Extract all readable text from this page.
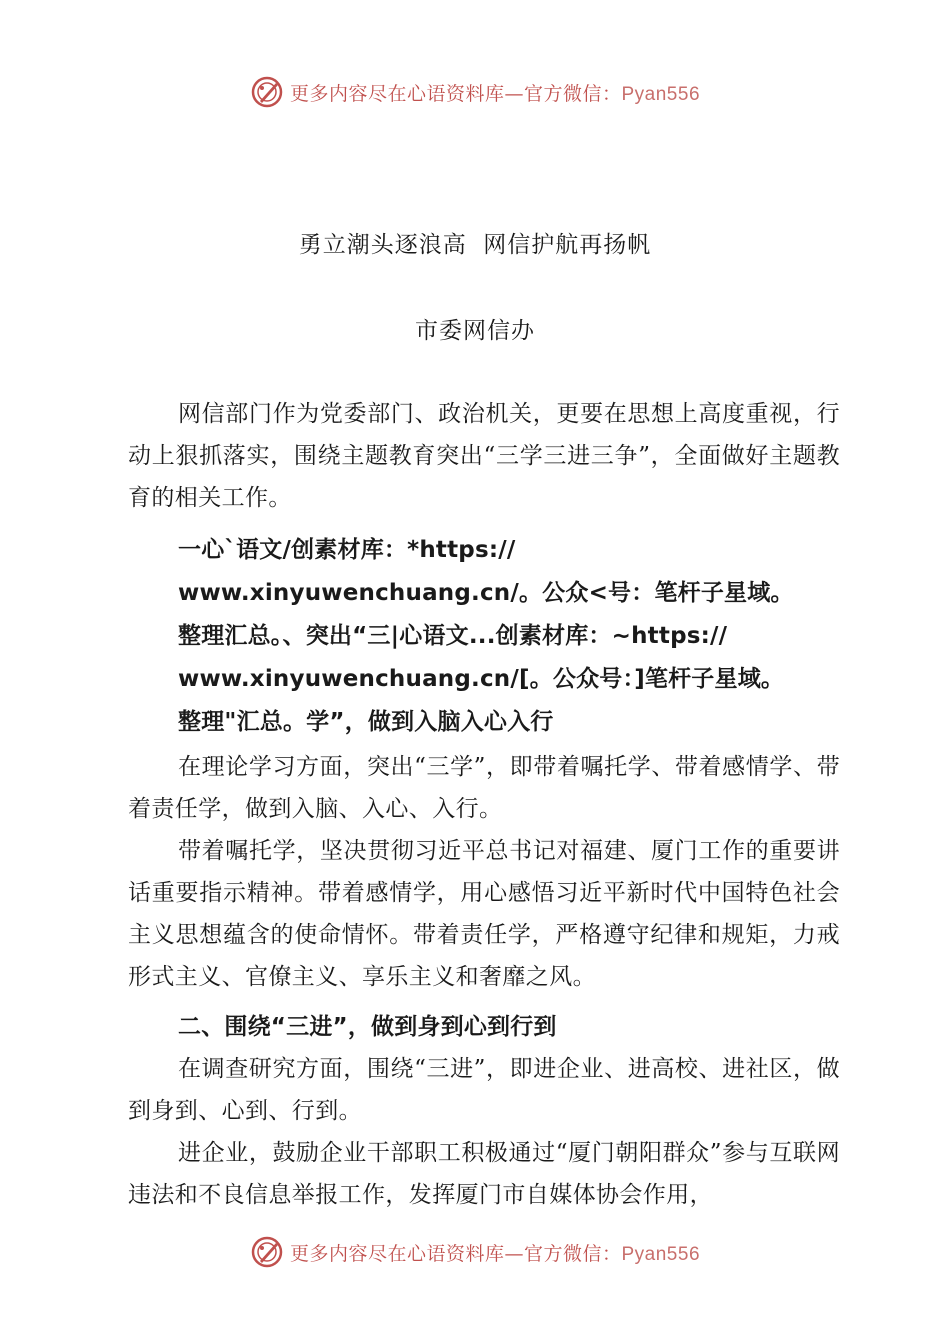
更多内容尽在心语资料库—官方微信：Pyan556
勇立潮头逐浪高  网信护航再扬帆
市委网信办

网信部门作为党委部门、政治机关，更要在思想上高度重视，行动上狠抓落实，围绕主题教育突出“三学三进三争”，全面做好主题教育的相关工作。

一心`语文/创素材库：*https://
www.xinyuwenchuang.cn/。公众<号：笔杆子星域。
整理汇总。、突出“三|心语文...创素材库：~https://
www.xinyuwenchuang.cn/[。公众号：]笔杆子星域。
整理"汇总。学”，做到入脑入心入行

在理论学习方面，突出“三学”，即带着嘱托学、带着感情学、带着责任学，做到入脑、入心、入行。

带着嘱托学，坚决贯彻习近平总书记对福建、厦门工作的重要讲话重要指示精神。带着感情学，用心感悟习近平新时代中国特色社会主义思想蕴含的使命情怀。带着责任学，严格遵守纪律和规矩，力戒形式主义、官僚主义、享乐主义和奢靡之风。

二、围绕“三进”，做到身到心到行到

在调查研究方面，围绕“三进”，即进企业、进高校、进社区，做到身到、心到、行到。

进企业，鼓励企业干部职工积极通过“厦门朝阳群众”参与互联网违法和不良信息举报工作，发挥厦门市自媒体协会作用，

更多内容尽在心语资料库—官方微信：Pyan556
